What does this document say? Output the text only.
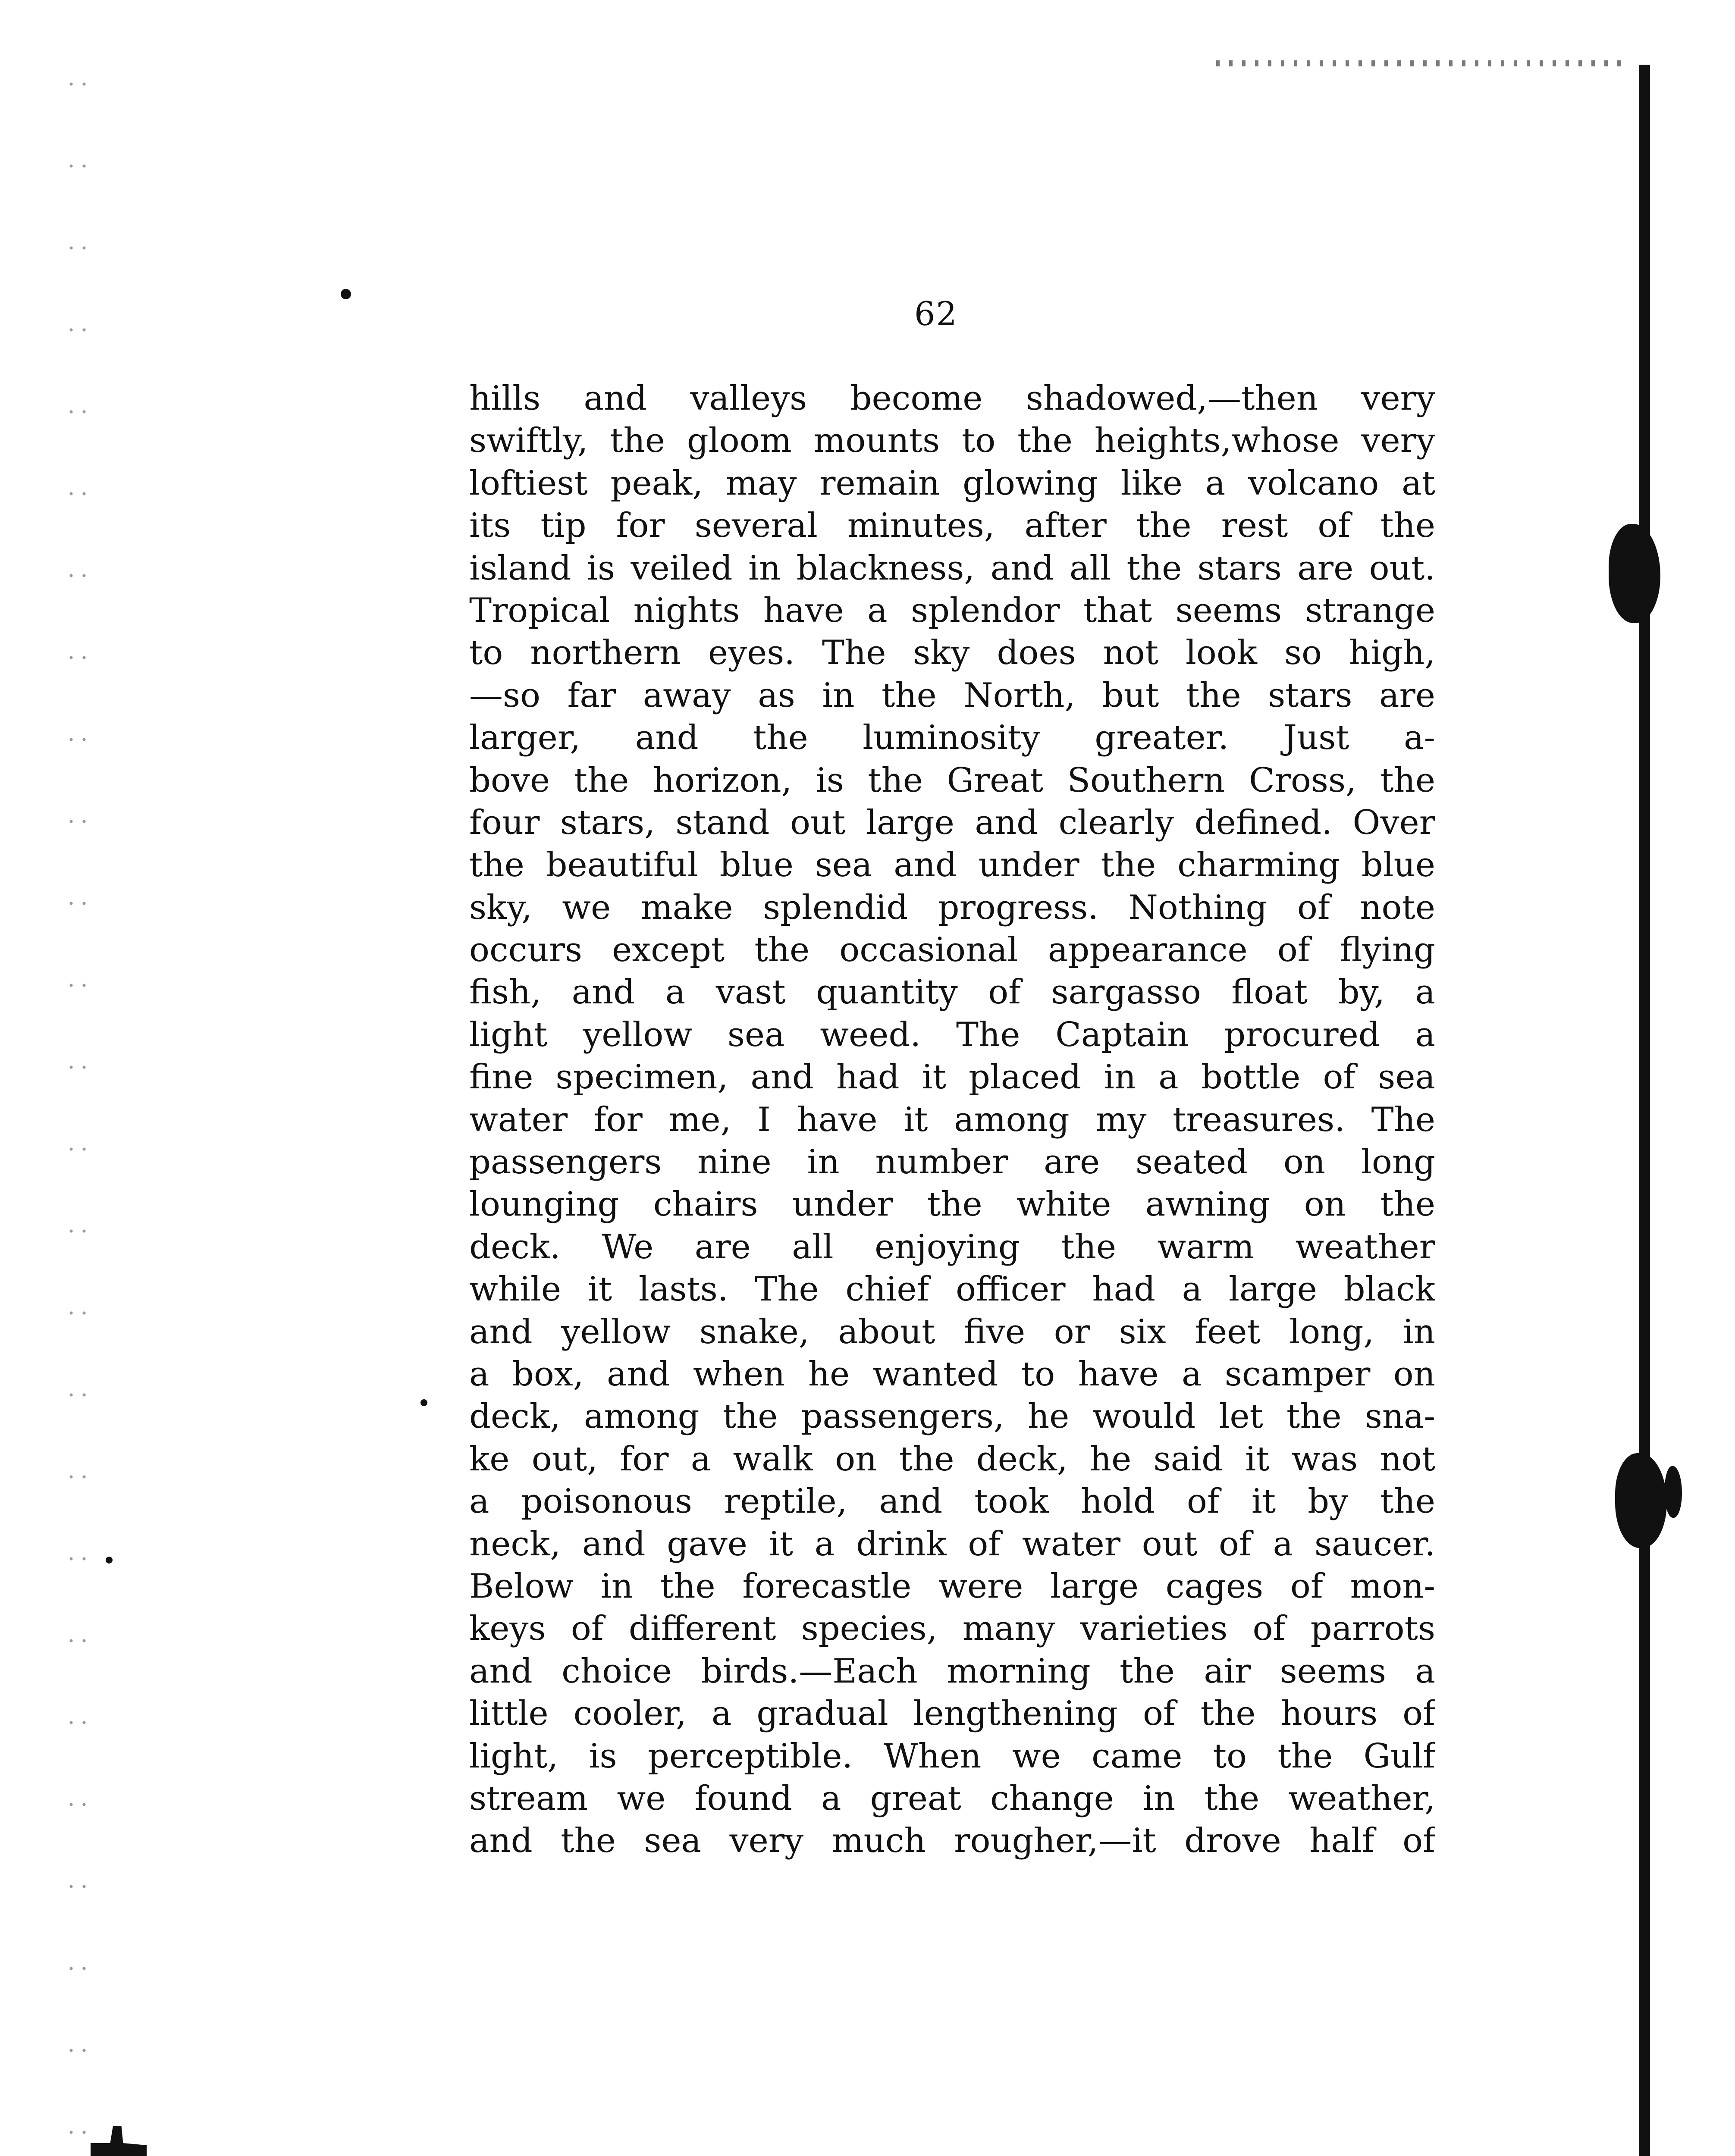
62
hills and valleys become shadowed,—then very
swiftly, the gloom mounts to the heights,whose very
loftiest peak, may remain glowing like a volcano at
its tip for several minutes, after the rest of the
island is veiled in blackness, and all the stars are out.
Tropical nights have a splendor that seems strange
to northern eyes. The sky does not look so high,
—so far away as in the North, but the stars are
larger, and the luminosity greater. Just a-
bove the horizon, is the Great Southern Cross, the
four stars, stand out large and clearly defined. Over
the beautiful blue sea and under the charming blue
sky, we make splendid progress. Nothing of note
occurs except the occasional appearance of flying
fish, and a vast quantity of sargasso float by, a
light yellow sea weed. The Captain procured a
fine specimen, and had it placed in a bottle of sea
water for me, I have it among my treasures. The
passengers nine in number are seated on long
lounging chairs under the white awning on the
deck. We are all enjoying the warm weather
while it lasts. The chief officer had a large black
and yellow snake, about five or six feet long, in
a box, and when he wanted to have a scamper on
deck, among the passengers, he would let the sna-
ke out, for a walk on the deck, he said it was not
a poisonous reptile, and took hold of it by the
neck, and gave it a drink of water out of a saucer.
Below in the forecastle were large cages of mon-
keys of different species, many varieties of parrots
and choice birds.—Each morning the air seems a
little cooler, a gradual lengthening of the hours of
light, is perceptible. When we came to the Gulf
stream we found a great change in the weather,
and the sea very much rougher,—it drove half of
